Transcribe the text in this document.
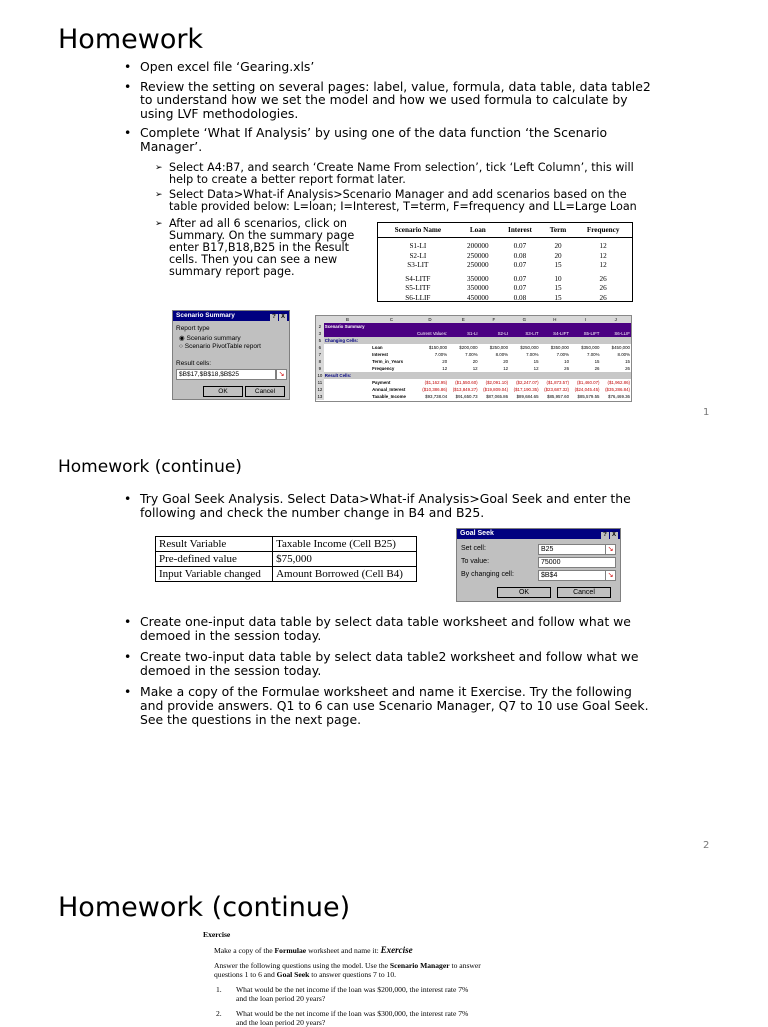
Homework
• Open excel file ‘Gearing.xls’
• Review the setting on several pages: label, value, formula, data table, data table2 to understand how we set the model and how we used formula to calculate by using LVF methodologies.
• Complete ‘What If Analysis’ by using one of the data function ‘the Scenario Manager’.
➢ Select A4:B7, and search ‘Create Name From selection’, tick ‘Left Column’, this will help to create a better report format later.
➢ Select Data>What-if Analysis>Scenario Manager and add scenarios based on the table provided below: L=loan; I=Interest, T=term, F=frequency and LL=Large Loan
➢ After ad all 6 scenarios, click on Summary. On the summary page enter B17,B18,B25 in the Result cells. Then you can see a new summary report page.
Scenario Name	Loan	Interest	Term	Frequency

S1-LI	200000	0.07	20	12
S2-LI	250000	0.08	20	12
S3-LIT	250000	0.07	15	12

S4-LITF	350000	0.07	10	26
S5-LITF	350000	0.07	15	26
S6-LLIF	450000	0.08	15	26
Scenario Summary	? X
Report type
◉ Scenario summary
○ Scenario PivotTable report
Result cells:
$B$17,$B$18,$B$25	↘
OK	Cancel
	B	C	D	E	F	G	H	I	J
2	Scenario Summary								
3			Current Values:	S1-LI	S2-LI	S3-LIT	S4-LIFT	S5-LIFT	S6-LLIF
5	Changing Cells:								
6		Loan	$150,000	$200,000	$250,000	$250,000	$350,000	$350,000	$450,000
7		Interest	7.00%	7.00%	8.00%	7.00%	7.00%	7.00%	8.00%
8		Term_in_Years	20	20	20	15	10	15	15
9		Frequency	12	12	12	12	26	26	26
10	Result Cells:								
11		Payment	($1,162.95)	($1,550.60)	($2,091.10)	($2,247.07)	($1,873.57)	($1,460.07)	($1,962.86)
12		Annual_Interest	($10,386.86)	($13,849.27)	($19,809.04)	($17,190.35)	($23,687.32)	($24,045.45)	($35,286.84)
13		Taxable_Income	$93,738.04	$91,650.73	$87,065.86	$89,684.65	$85,957.60	$85,579.55	$76,469.36
1
Homework (continue)
• Try Goal Seek Analysis. Select Data>What-if Analysis>Goal Seek and enter the following and check the number change in B4 and B25.
Result Variable	Taxable Income (Cell B25)
Pre-defined value	$75,000
Input Variable changed	Amount Borrowed (Cell B4)
Goal Seek	? X
Set cell:	B25	↘
To value:	75000
By changing cell:	$B$4	↘
OK	Cancel
• Create one-input data table by select data table worksheet and follow what we demoed in the session today.
• Create two-input data table by select data table2 worksheet and follow what we demoed in the session today.
• Make a copy of the Formulae worksheet and name it Exercise. Try the following and provide answers. Q1 to 6 can use Scenario Manager, Q7 to 10 use Goal Seek. See the questions in the next page.
2
Homework (continue)
Exercise
Make a copy of the Formulae worksheet and name it: Exercise
Answer the following questions using the model. Use the Scenario Manager to answer questions 1 to 6 and Goal Seek to answer questions 7 to 10.
1. What would be the net income if the loan was $200,000, the interest rate 7% and the loan period 20 years?
2. What would be the net income if the loan was $300,000, the interest rate 7% and the loan period 20 years?
